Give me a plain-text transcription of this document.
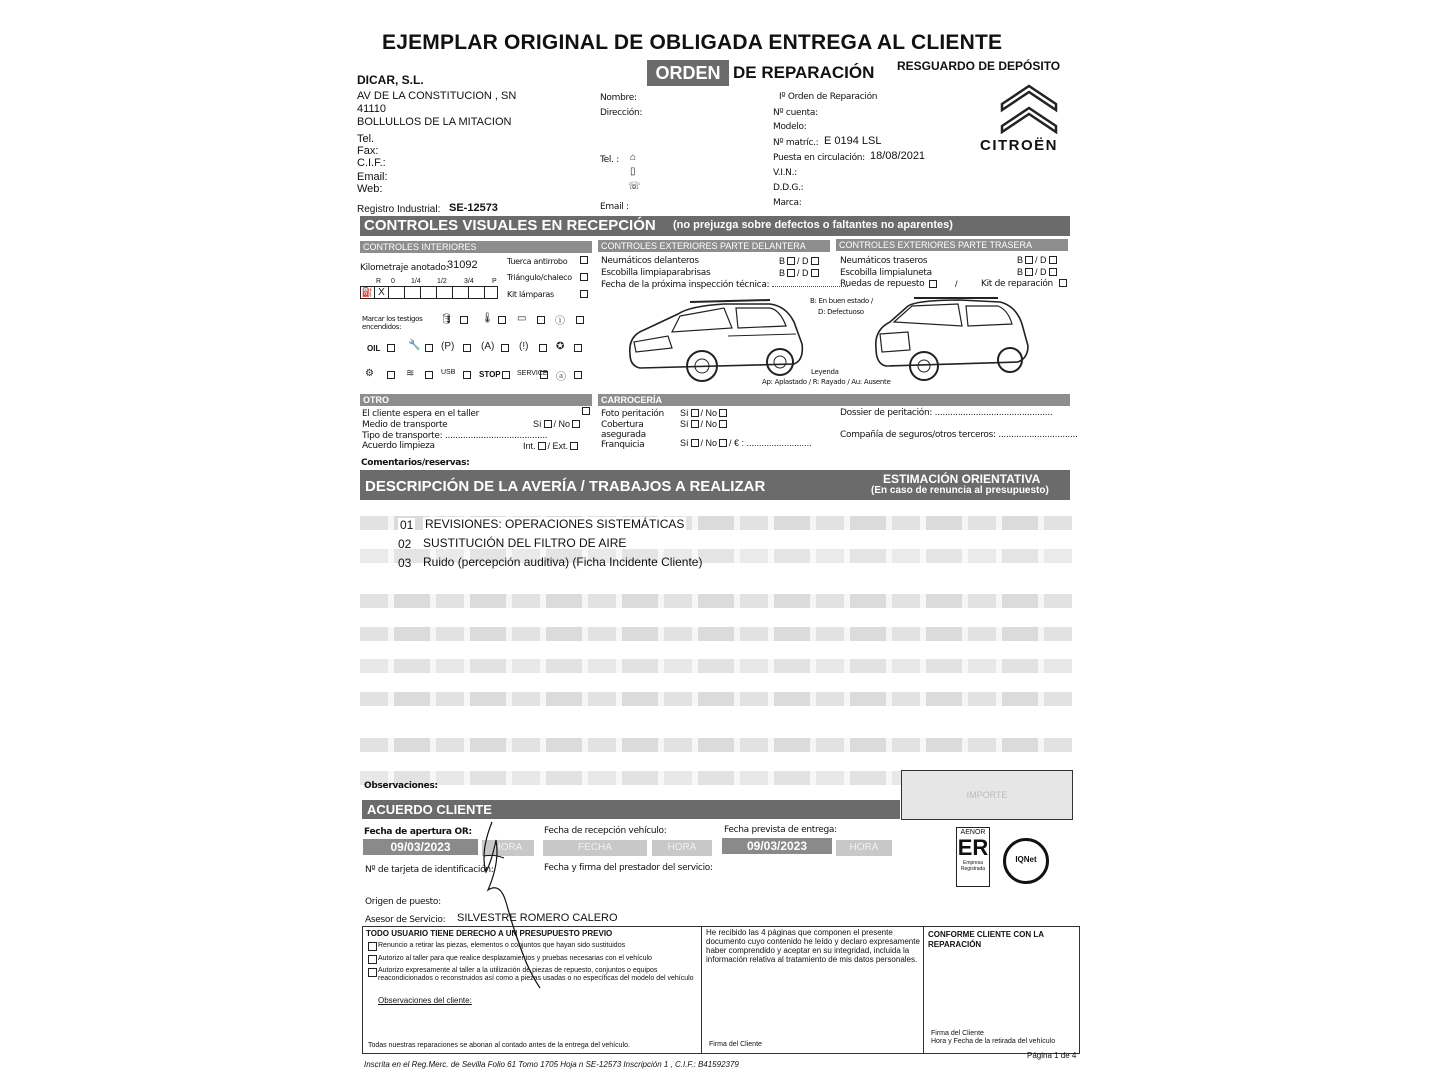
EJEMPLAR ORIGINAL DE OBLIGADA ENTREGA AL CLIENTE
ORDEN DE REPARACIÓN RESGUARDO DE DEPÓSITO
DICAR, S.L.
AV DE LA CONSTITUCION , SN
41110
BOLLULLOS DE LA MITACION
Tel.
Fax:
C.I.F.:
Email:
Web:
Registro Industrial: SE-12573
Nombre:
Dirección:
Tel. : ⌂
▯
☏
Email :
Iº Orden de Reparación
Nº cuenta:
Modelo:
Nº matríc.: E 0194 LSL
Puesta en circulación: 18/08/2021
V.I.N.:
D.D.G.:
Marca:
CITROËN
CONTROLES VISUALES EN RECEPCIÓN (no prejuzga sobre defectos o faltantes no aparentes)
CONTROLES INTERIORES	CONTROLES EXTERIORES PARTE DELANTERA	CONTROLES EXTERIORES PARTE TRASERA
Kilometraje anotado:
31092	Tuerca antirrobo
Triángulo/chaleco
Kit lámparas
R 0 1/4 1/2 3/4	P
⛽ X
Marcar los testigos encendidos:
🛢	🌡 ▭	ⓘ
OIL	🔧 (P)	(A) (!)	✪
⚙	≋	USB	STOP SERVICE ⓐ
Neumáticos delanteros	B / D
Escobilla limpiaparabrisas	B / D
Fecha de la próxima inspección técnica:
Neumáticos traseros	B / D
Escobilla limpialuneta	B / D
Ruedas de repuesto	/	Kit de reparación
B: En buen estado /
D: Defectuoso
Leyenda
Ap: Aplastado / R: Rayado / Au: Ausente
OTRO
El cliente espera en el taller
Medio de transporte	Sí / No
Tipo de transporte: ........................................
Acuerdo limpieza	Int. / Ext.
Comentarios/reservas:
CARROCERÍA
Foto peritación Sí / No
Cobertura asegurada
Sí / No
Franquicia	Sí / No / € : ..........................
Dossier de peritación: ..............................................
Compañía de seguros/otros terceros: ...............................
DESCRIPCIÓN DE LA AVERÍA / TRABAJOS A REALIZAR	ESTIMACIÓN ORIENTATIVA
(En caso de renuncia al presupuesto)
01 REVISIONES: OPERACIONES SISTEMÁTICAS
02 SUSTITUCIÓN DEL FILTRO DE AIRE
03 Ruido (percepción auditiva) (Ficha Incidente Cliente)
Observaciones:
IMPORTE
ACUERDO CLIENTE
Fecha de apertura OR:
09/03/2023	HORA
Fecha de recepción vehículo:
FECHA	HORA
Fecha prevista de entrega:
09/03/2023	HORA
Nº de tarjeta de identificación:	Fecha y firma del prestador del servicio:
Origen de puesto:
Asesor de Servicio: SILVESTRE ROMERO CALERO
AENOR
ER
Empresa Registrada
IQNet
TODO USUARIO TIENE DERECHO A UN PRESUPUESTO PREVIO
Renuncio a retirar las piezas, elementos o conjuntos que hayan sido sustituidos
Autorizo al taller para que realice desplazamientos y pruebas necesarias con el vehículo
Autorizo expresamente al taller a la utilización de piezas de repuesto, conjuntos o equipos reacondicionados o reconstruidos así como a piezas usadas o no específicas del modelo del vehículo
Observaciones del cliente:
Todas nuestras reparaciones se abonan al contado antes de la entrega del vehículo.	Firma del Cliente
He recibido las 4 páginas que componen el presente documento cuyo contenido he leído y declaro expresamente haber comprendido y aceptar en su integridad, incluida la información relativa al tratamiento de mis datos personales.
CONFORME CLIENTE CON LA REPARACIÓN
Firma del Cliente
Hora y Fecha de la retirada del vehículo
Página 1 de 4
Inscrita en el Reg.Merc. de Sevilla Folio 61 Tomo 1705 Hoja n SE-12573 Inscripción 1 , C.I.F.: B41592379
